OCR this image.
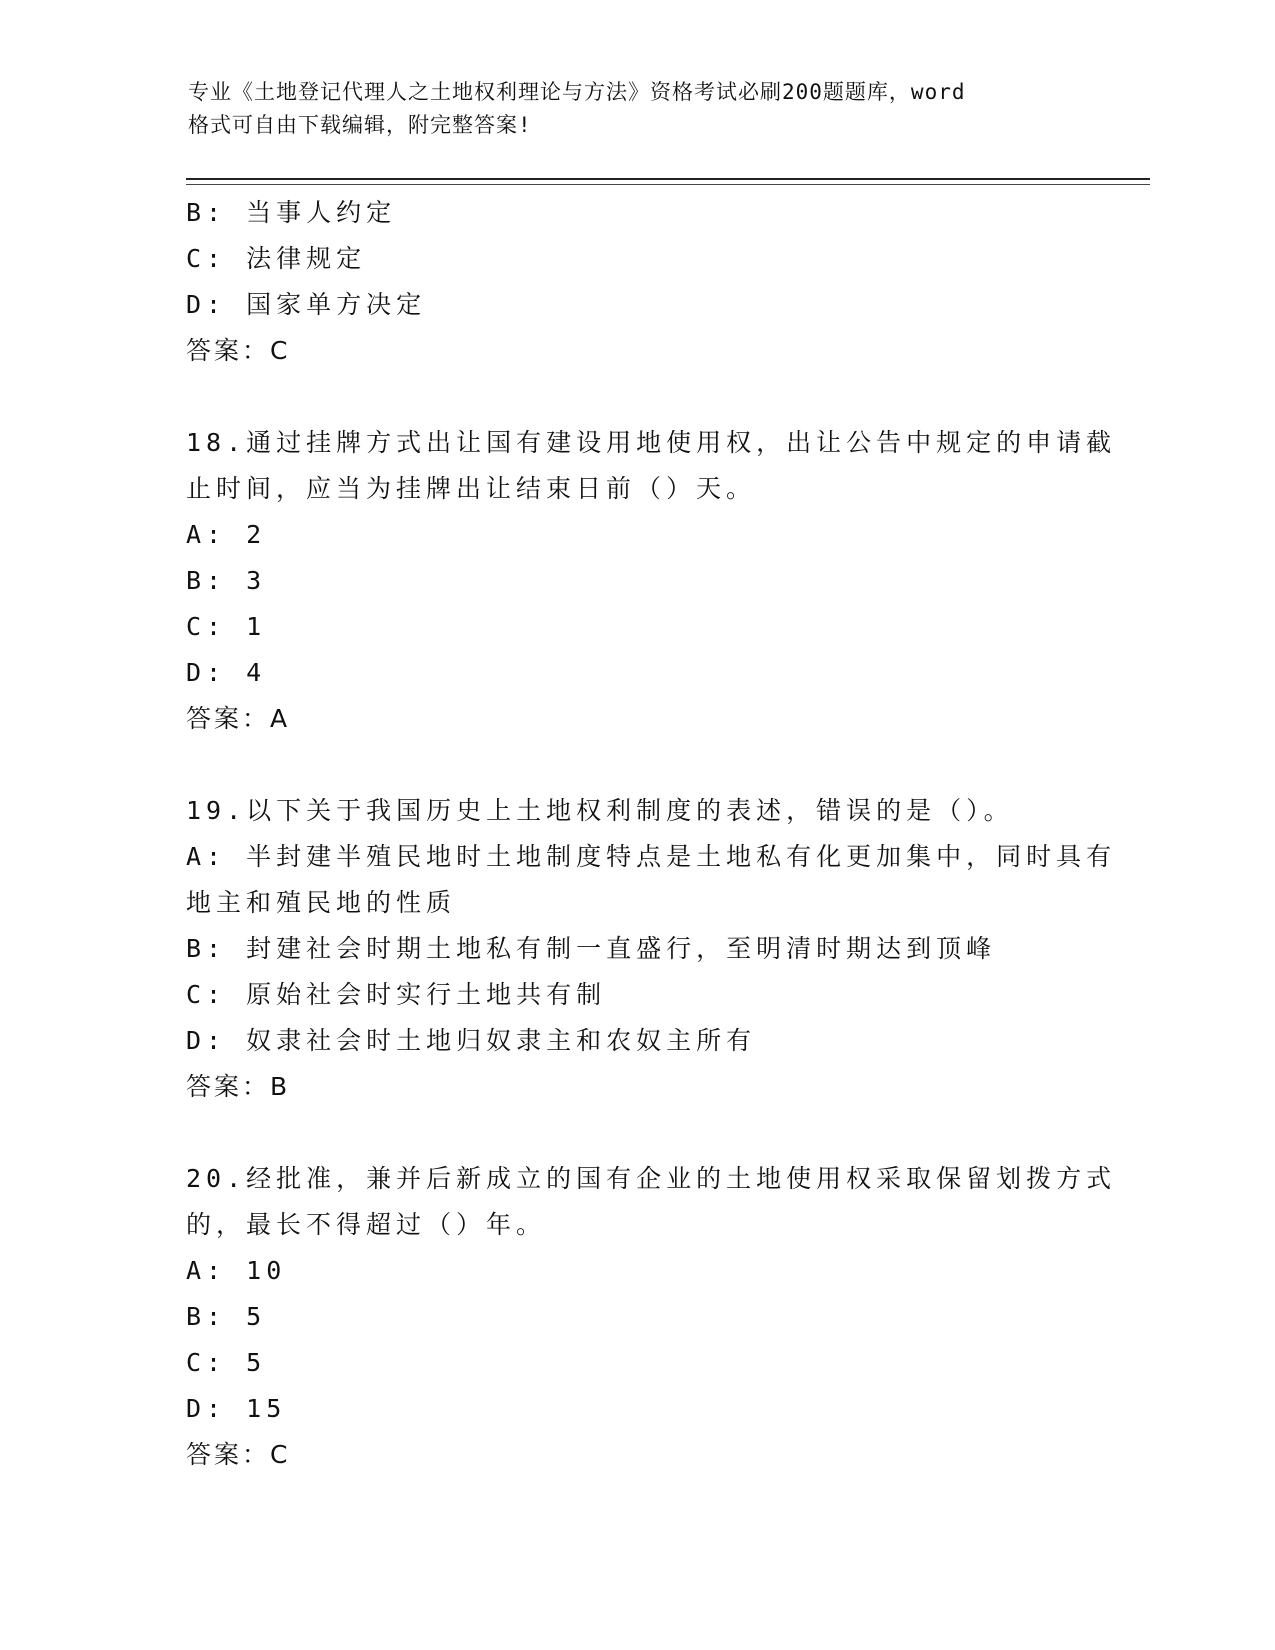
专业《土地登记代理人之土地权利理论与方法》资格考试必刷200题题库，word
格式可自由下载编辑，附完整答案!
B: 当事人约定
C: 法律规定
D: 国家单方决定
答案：C
18.通过挂牌方式出让国有建设用地使用权，出让公告中规定的申请截
止时间，应当为挂牌出让结束日前（）天。
A: 2
B: 3
C: 1
D: 4
答案：A
19.以下关于我国历史上土地权利制度的表述，错误的是（）。
A: 半封建半殖民地时土地制度特点是土地私有化更加集中，同时具有
地主和殖民地的性质
B: 封建社会时期土地私有制一直盛行，至明清时期达到顶峰
C: 原始社会时实行土地共有制
D: 奴隶社会时土地归奴隶主和农奴主所有
答案：B
20.经批准，兼并后新成立的国有企业的土地使用权采取保留划拨方式
的，最长不得超过（）年。
A: 10
B: 5
C: 5
D: 15
答案：C
